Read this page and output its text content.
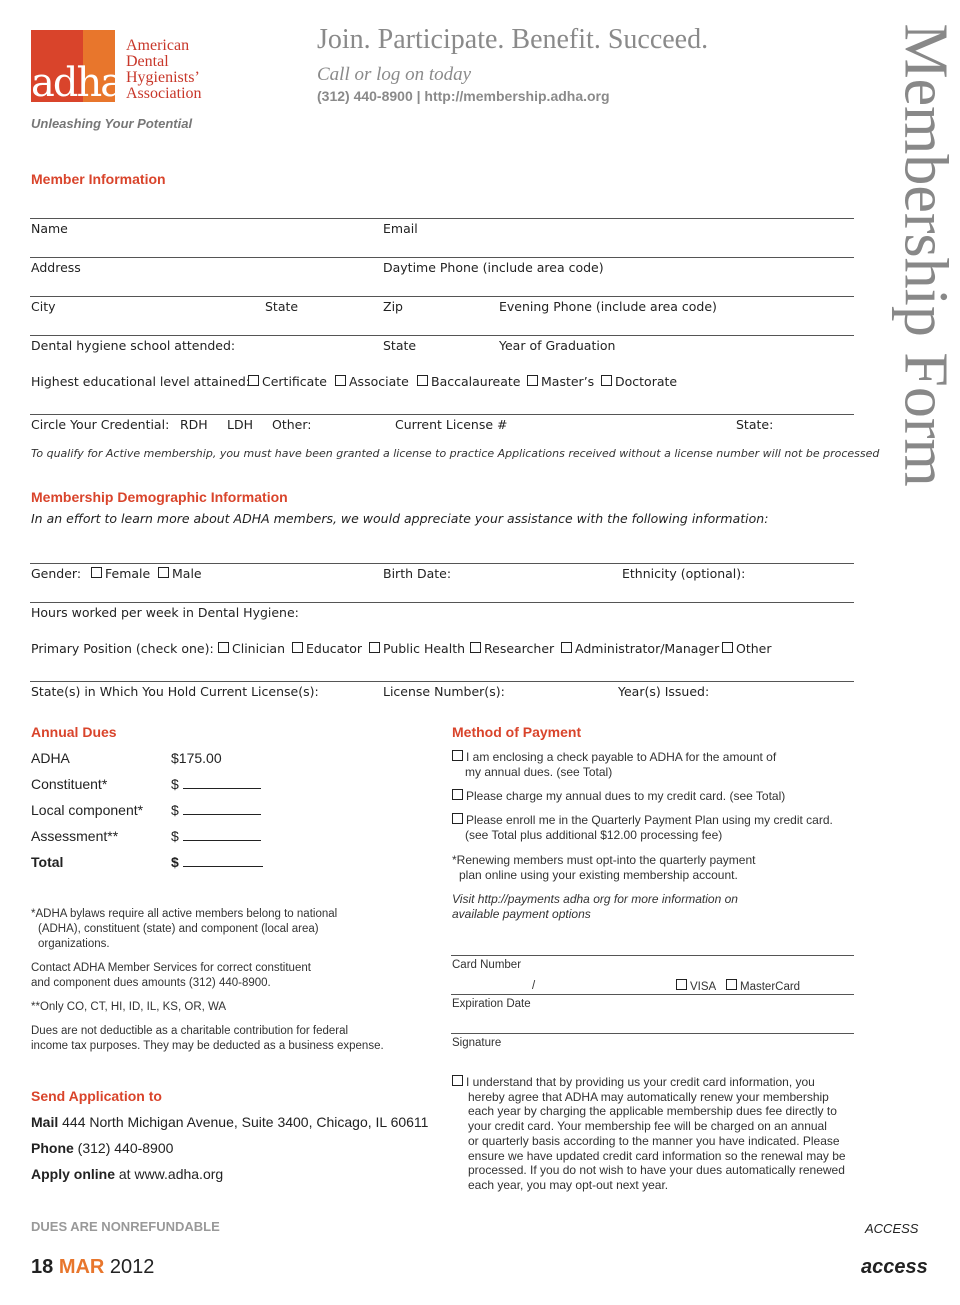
adha
American
Dental
Hygienists’
Association
Unleashing Your Potential
Join. Participate. Benefit. Succeed.
Call or log on today
(312) 440-8900 | http://membership.adha.org	Membership Form
Member Information
Name	Email
Address	Daytime Phone (include area code)
City	State	Zip	Evening Phone (include area code)
Dental hygiene school attended:	State	Year of Graduation
Highest educational level attained: Certificate	Associate	Baccalaureate	Master’s	Doctorate
Circle Your Credential: RDH LDH Other:	Current License #	State:
To qualify for Active membership, you must have been granted a license to practice Applications received without a license number will not be processed
Membership Demographic Information
In an effort to learn more about ADHA members, we would appreciate your assistance with the following information:
Gender:	Female	Male	Birth Date:	Ethnicity (optional):
Hours worked per week in Dental Hygiene:
Primary Position (check one):	Clinician	Educator	Public Health	Researcher	Administrator/Manager	Other
State(s) in Which You Hold Current License(s):	License Number(s):	Year(s) Issued:
Annual Dues
ADHA	$175.00
Constituent*	$
Local component* $
Assessment**	$
Total	$
*ADHA bylaws require all active members belong to national
(ADHA), constituent (state) and component (local area)
organizations.
Contact ADHA Member Services for correct constituent
and component dues amounts (312) 440-8900.
**Only CO, CT, HI, ID, IL, KS, OR, WA
Dues are not deductible as a charitable contribution for federal
income tax purposes. They may be deducted as a business expense.
Send Application to
Mail 444 North Michigan Avenue, Suite 3400, Chicago, IL 60611
Phone (312) 440-8900
Apply online at www.adha.org
DUES ARE NONREFUNDABLE
Method of Payment
I am enclosing a check payable to ADHA for the amount of
my annual dues. (see Total)
Please charge my annual dues to my credit card. (see Total)
Please enroll me in the Quarterly Payment Plan using my credit card.
(see Total plus additional $12.00 processing fee)
*Renewing members must opt-into the quarterly payment
plan online using your existing membership account.
Visit http://payments adha org for more information on
available payment options
Card Number
/	VISA	MasterCard
Expiration Date
Signature
I understand that by providing us your credit card information, you
hereby agree that ADHA may automatically renew your membership
each year by charging the applicable membership dues fee directly to
your credit card. Your membership fee will be charged on an annual
or quarterly basis according to the manner you have indicated. Please
ensure we have updated credit card information so the renewal may be
processed. If you do not wish to have your dues automatically renewed
each year, you may opt-out next year.
18 MAR 2012
ACCESS
access
